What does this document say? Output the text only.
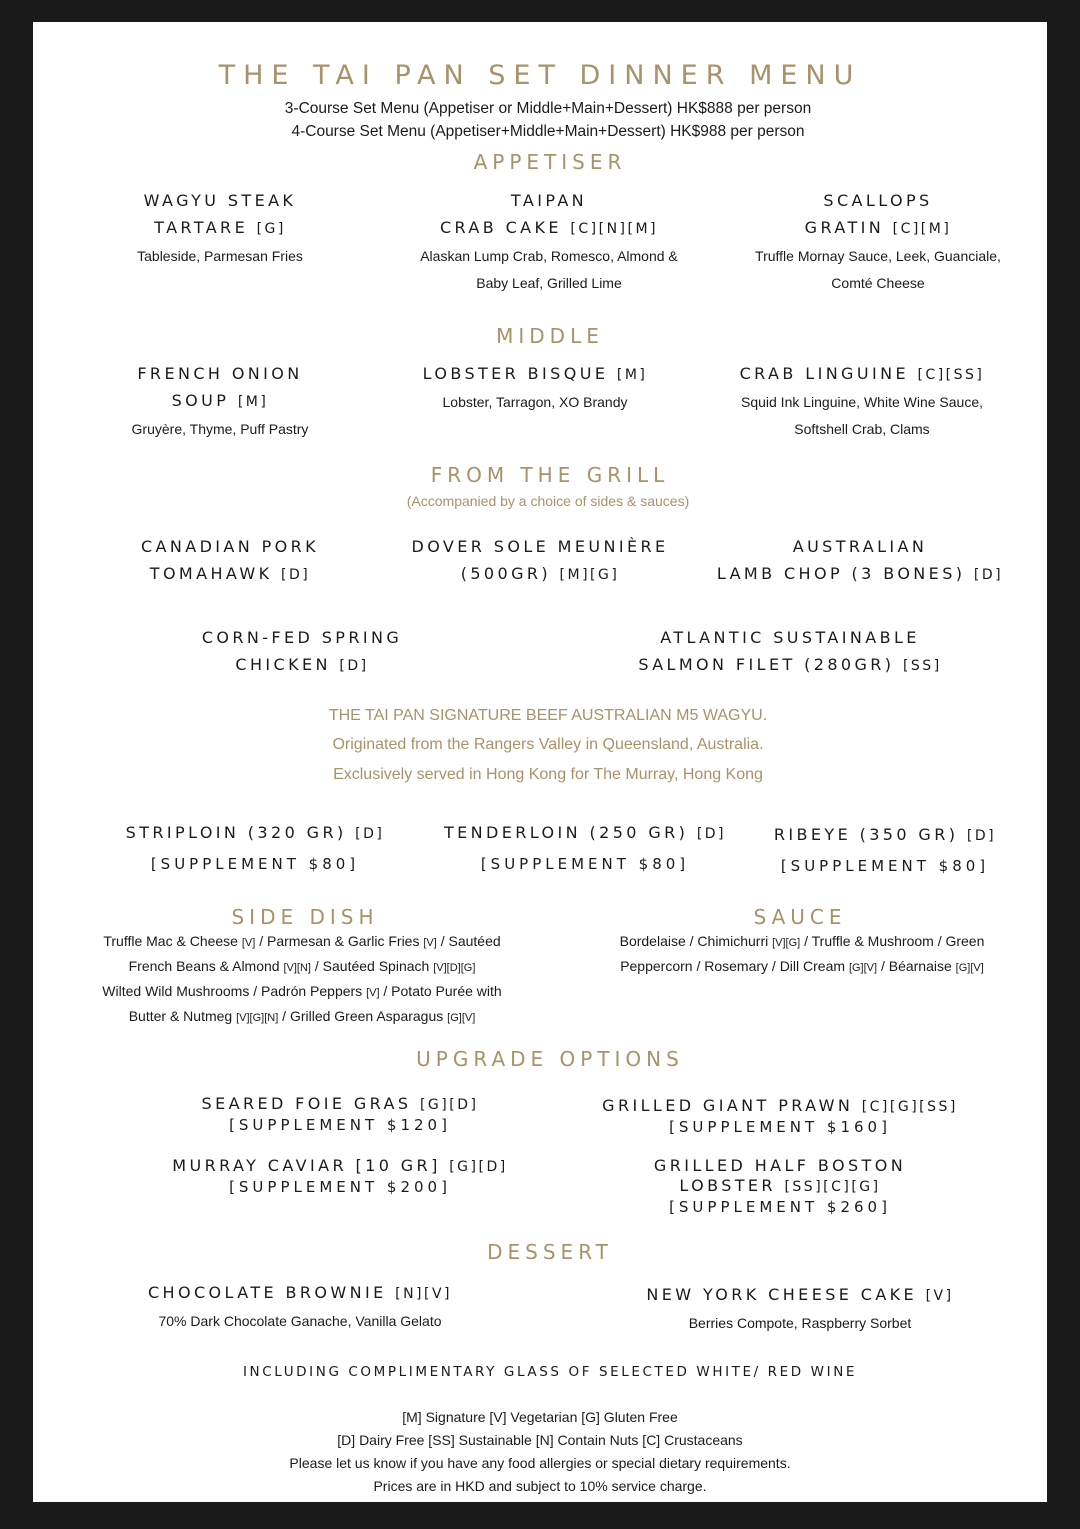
THE TAI PAN SET DINNER MENU
3-Course Set Menu (Appetiser or Middle+Main+Dessert) HK$888 per person
4-Course Set Menu (Appetiser+Middle+Main+Dessert) HK$988 per person
APPETISER
WAGYU STEAK
TARTARE [G]
Tableside, Parmesan Fries
TAIPAN
CRAB CAKE [C][N][M]
Alaskan Lump Crab, Romesco, Almond &
Baby Leaf, Grilled Lime
SCALLOPS
GRATIN [C][M]
Truffle Mornay Sauce, Leek, Guanciale,
Comté Cheese
MIDDLE
FRENCH ONION
SOUP [M]
Gruyère, Thyme, Puff Pastry
LOBSTER BISQUE [M]
Lobster, Tarragon, XO Brandy
CRAB LINGUINE [C][SS]
Squid Ink Linguine, White Wine Sauce,
Softshell Crab, Clams
FROM THE GRILL
(Accompanied by a choice of sides & sauces)
CANADIAN PORK
TOMAHAWK [D]
DOVER SOLE MEUNIÈRE
(500GR) [M][G]
AUSTRALIAN
LAMB CHOP (3 BONES) [D]
CORN-FED SPRING
CHICKEN [D]
ATLANTIC SUSTAINABLE
SALMON FILET (280GR) [SS]
THE TAI PAN SIGNATURE BEEF AUSTRALIAN M5 WAGYU.
Originated from the Rangers Valley in Queensland, Australia.
Exclusively served in Hong Kong for The Murray, Hong Kong
STRIPLOIN (320 GR) [D]
[SUPPLEMENT $80]
TENDERLOIN (250 GR) [D]
[SUPPLEMENT $80]
RIBEYE (350 GR) [D]
[SUPPLEMENT $80]
SIDE DISH
Truffle Mac & Cheese [V] / Parmesan & Garlic Fries [V] / Sautéed
French Beans & Almond [V][N] / Sautéed Spinach [V][D][G]
Wilted Wild Mushrooms / Padrón Peppers [V] / Potato Purée with
Butter & Nutmeg [V][G][N] / Grilled Green Asparagus [G][V]
SAUCE
Bordelaise / Chimichurri [V][G] / Truffle & Mushroom / Green
Peppercorn / Rosemary / Dill Cream [G][V] / Béarnaise [G][V]
UPGRADE OPTIONS
SEARED FOIE GRAS [G][D]
[SUPPLEMENT $120]
GRILLED GIANT PRAWN [C][G][SS]
[SUPPLEMENT $160]
MURRAY CAVIAR [10 GR] [G][D]
[SUPPLEMENT $200]
GRILLED HALF BOSTON
LOBSTER [SS][C][G]
[SUPPLEMENT $260]
DESSERT
CHOCOLATE BROWNIE [N][V]
70% Dark Chocolate Ganache, Vanilla Gelato
NEW YORK CHEESE CAKE [V]
Berries Compote, Raspberry Sorbet
INCLUDING COMPLIMENTARY GLASS OF SELECTED WHITE/ RED WINE
[M] Signature [V] Vegetarian [G] Gluten Free
[D] Dairy Free [SS] Sustainable [N] Contain Nuts [C] Crustaceans
Please let us know if you have any food allergies or special dietary requirements.
Prices are in HKD and subject to 10% service charge.
